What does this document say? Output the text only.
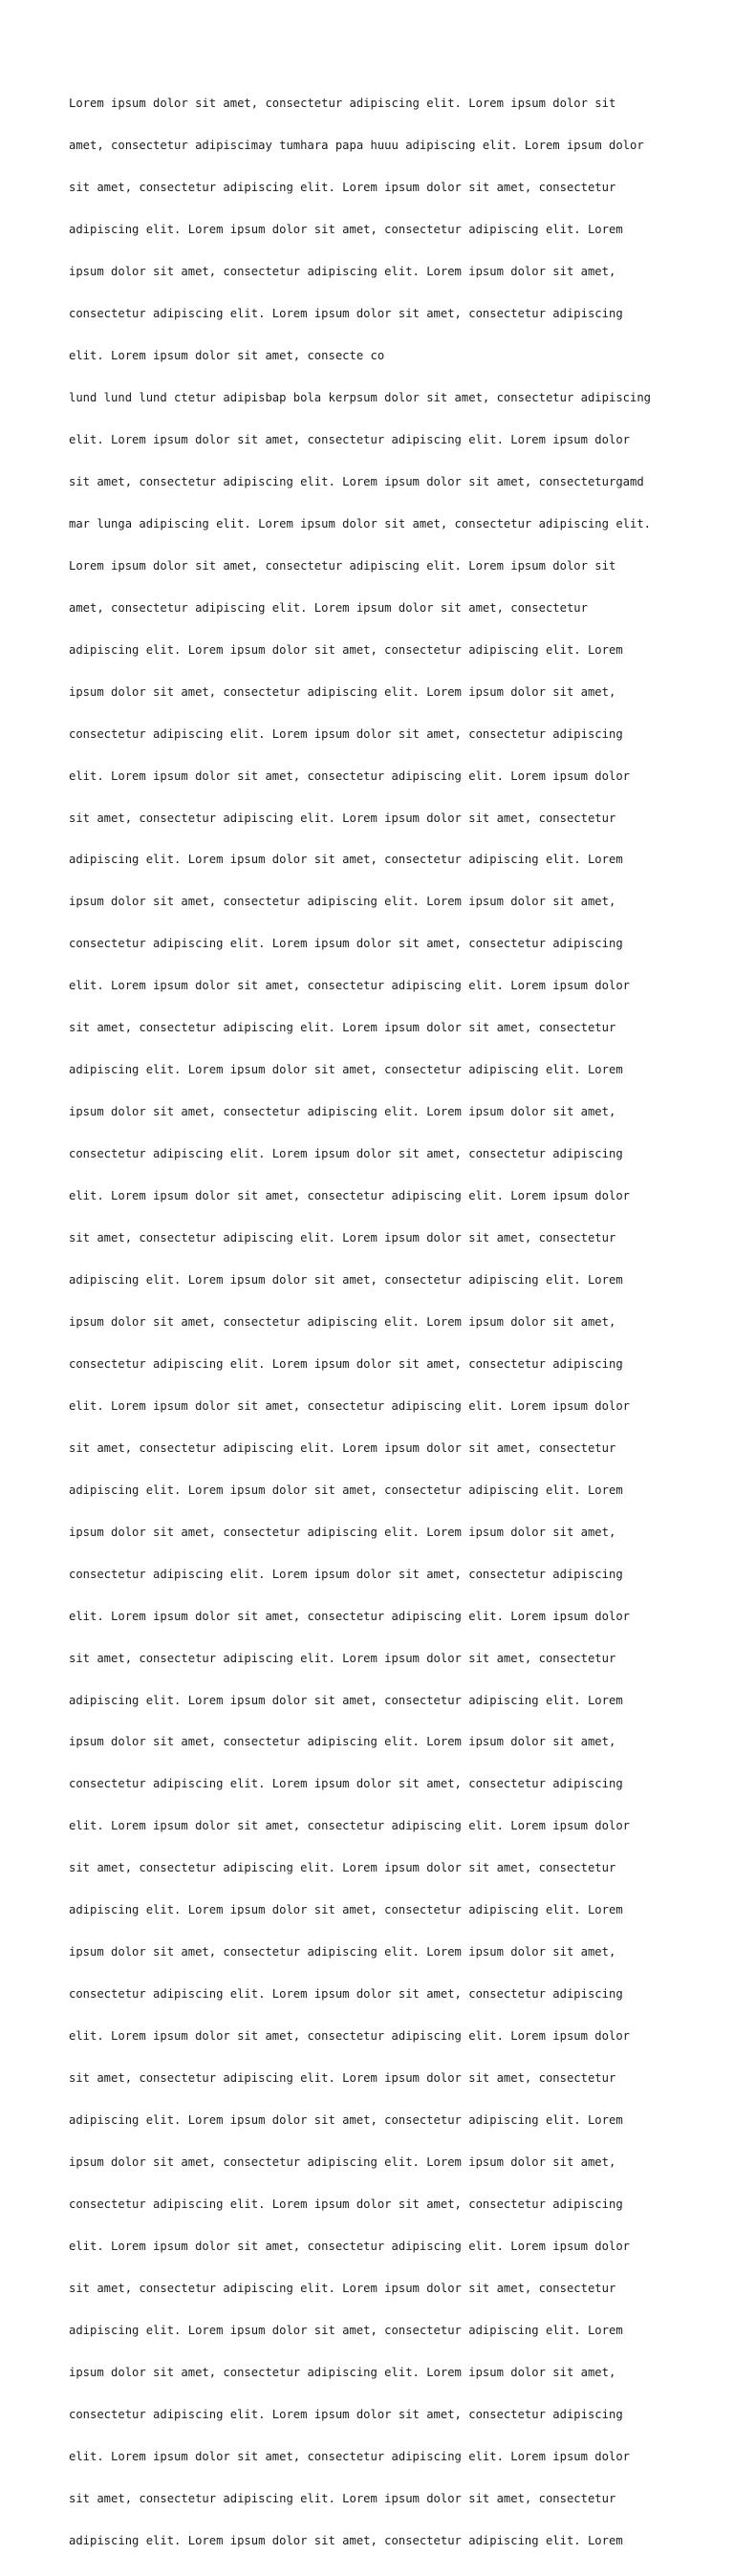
Lorem ipsum dolor sit amet, consectetur adipiscing elit. Lorem ipsum dolor sit

amet, consectetur adipiscimay tumhara papa huuu adipiscing elit. Lorem ipsum dolor

sit amet, consectetur adipiscing elit. Lorem ipsum dolor sit amet, consectetur

adipiscing elit. Lorem ipsum dolor sit amet, consectetur adipiscing elit. Lorem

ipsum dolor sit amet, consectetur adipiscing elit. Lorem ipsum dolor sit amet,

consectetur adipiscing elit. Lorem ipsum dolor sit amet, consectetur adipiscing

elit. Lorem ipsum dolor sit amet, consecte co

lund lund lund ctetur adipisbap bola kerpsum dolor sit amet, consectetur adipiscing

elit. Lorem ipsum dolor sit amet, consectetur adipiscing elit. Lorem ipsum dolor

sit amet, consectetur adipiscing elit. Lorem ipsum dolor sit amet, consecteturgamd

mar lunga adipiscing elit. Lorem ipsum dolor sit amet, consectetur adipiscing elit.

Lorem ipsum dolor sit amet, consectetur adipiscing elit. Lorem ipsum dolor sit

amet, consectetur adipiscing elit. Lorem ipsum dolor sit amet, consectetur

adipiscing elit. Lorem ipsum dolor sit amet, consectetur adipiscing elit. Lorem

ipsum dolor sit amet, consectetur adipiscing elit. Lorem ipsum dolor sit amet,

consectetur adipiscing elit. Lorem ipsum dolor sit amet, consectetur adipiscing

elit. Lorem ipsum dolor sit amet, consectetur adipiscing elit. Lorem ipsum dolor

sit amet, consectetur adipiscing elit. Lorem ipsum dolor sit amet, consectetur

adipiscing elit. Lorem ipsum dolor sit amet, consectetur adipiscing elit. Lorem

ipsum dolor sit amet, consectetur adipiscing elit. Lorem ipsum dolor sit amet,

consectetur adipiscing elit. Lorem ipsum dolor sit amet, consectetur adipiscing

elit. Lorem ipsum dolor sit amet, consectetur adipiscing elit. Lorem ipsum dolor

sit amet, consectetur adipiscing elit. Lorem ipsum dolor sit amet, consectetur

adipiscing elit. Lorem ipsum dolor sit amet, consectetur adipiscing elit. Lorem

ipsum dolor sit amet, consectetur adipiscing elit. Lorem ipsum dolor sit amet,

consectetur adipiscing elit. Lorem ipsum dolor sit amet, consectetur adipiscing

elit. Lorem ipsum dolor sit amet, consectetur adipiscing elit. Lorem ipsum dolor

sit amet, consectetur adipiscing elit. Lorem ipsum dolor sit amet, consectetur

adipiscing elit. Lorem ipsum dolor sit amet, consectetur adipiscing elit. Lorem

ipsum dolor sit amet, consectetur adipiscing elit. Lorem ipsum dolor sit amet,

consectetur adipiscing elit. Lorem ipsum dolor sit amet, consectetur adipiscing

elit. Lorem ipsum dolor sit amet, consectetur adipiscing elit. Lorem ipsum dolor

sit amet, consectetur adipiscing elit. Lorem ipsum dolor sit amet, consectetur

adipiscing elit. Lorem ipsum dolor sit amet, consectetur adipiscing elit. Lorem

ipsum dolor sit amet, consectetur adipiscing elit. Lorem ipsum dolor sit amet,

consectetur adipiscing elit. Lorem ipsum dolor sit amet, consectetur adipiscing

elit. Lorem ipsum dolor sit amet, consectetur adipiscing elit. Lorem ipsum dolor

sit amet, consectetur adipiscing elit. Lorem ipsum dolor sit amet, consectetur

adipiscing elit. Lorem ipsum dolor sit amet, consectetur adipiscing elit. Lorem

ipsum dolor sit amet, consectetur adipiscing elit. Lorem ipsum dolor sit amet,

consectetur adipiscing elit. Lorem ipsum dolor sit amet, consectetur adipiscing

elit. Lorem ipsum dolor sit amet, consectetur adipiscing elit. Lorem ipsum dolor

sit amet, consectetur adipiscing elit. Lorem ipsum dolor sit amet, consectetur

adipiscing elit. Lorem ipsum dolor sit amet, consectetur adipiscing elit. Lorem

ipsum dolor sit amet, consectetur adipiscing elit. Lorem ipsum dolor sit amet,

consectetur adipiscing elit. Lorem ipsum dolor sit amet, consectetur adipiscing

elit. Lorem ipsum dolor sit amet, consectetur adipiscing elit. Lorem ipsum dolor

sit amet, consectetur adipiscing elit. Lorem ipsum dolor sit amet, consectetur

adipiscing elit. Lorem ipsum dolor sit amet, consectetur adipiscing elit. Lorem

ipsum dolor sit amet, consectetur adipiscing elit. Lorem ipsum dolor sit amet,

consectetur adipiscing elit. Lorem ipsum dolor sit amet, consectetur adipiscing

elit. Lorem ipsum dolor sit amet, consectetur adipiscing elit. Lorem ipsum dolor

sit amet, consectetur adipiscing elit. Lorem ipsum dolor sit amet, consectetur

adipiscing elit. Lorem ipsum dolor sit amet, consectetur adipiscing elit. Lorem

ipsum dolor sit amet, consectetur adipiscing elit. Lorem ipsum dolor sit amet,

consectetur adipiscing elit. Lorem ipsum dolor sit amet, consectetur adipiscing

elit. Lorem ipsum dolor sit amet, consectetur adipiscing elit. Lorem ipsum dolor

sit amet, consectetur adipiscing elit. Lorem ipsum dolor sit amet, consectetur

adipiscing elit. Lorem ipsum dolor sit amet, consectetur adipiscing elit. Lorem
